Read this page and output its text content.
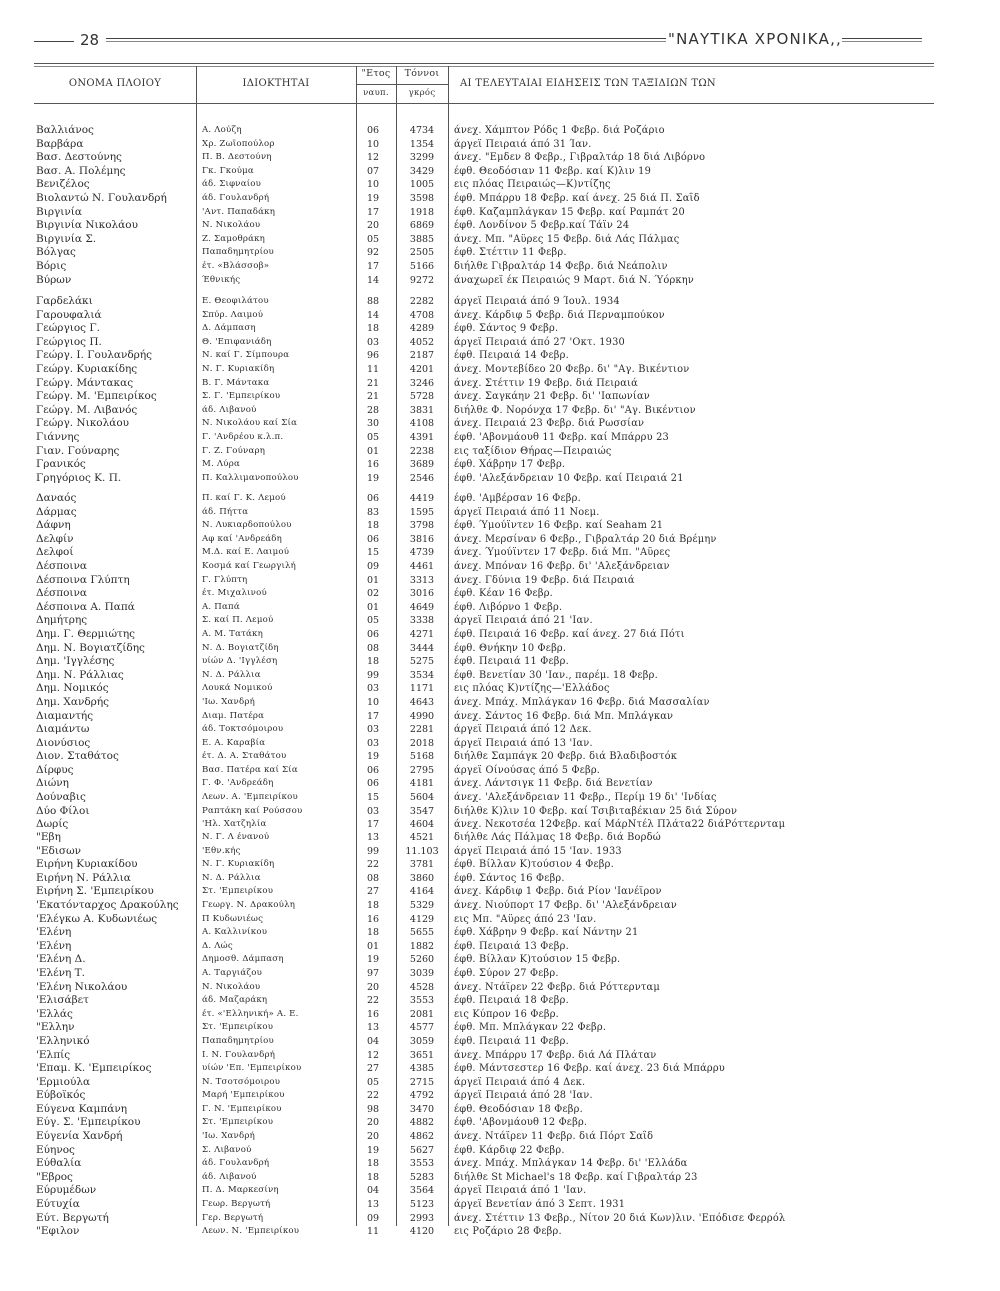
28	"ΝΑΥΤΙΚΑ ΧΡΟΝΙΚΑ,,
ΟΝΟΜΑ ΠΛΟΙΟΥ	ΙΔΙΟΚΤΗΤΑΙ
"Ετος
ναυπ.
Τόννοι
γκρός
ΑΙ ΤΕΛΕΥΤΑΙΑΙ ΕΙΔΗΣΕΙΣ ΤΩΝ ΤΑΞΙΔΙΩΝ ΤΩΝ
Βαλλιάνος	Α. Λούζη	06	4734	άνεχ. Χάμπτον Ρόδς 1 Φεβρ. διά Ροζάριο
Βαρβάρα	Χρ. Ζωϊοπούλορ	10	1354	άργεϊ Πειραιά άπό 31 Ίαν.
Βασ. Δεστούνης	Π. Β. Δεστούνη	12	3299	άνεχ. "Εμδεν 8 Φεβρ., Γιβραλτάρ 18 διά Λιβόρνο
Βασ. Α. Πολέμης	Γκ. Γκούμα	07	3429	έφθ. Θεοδόσιαν 11 Φεβρ. καί Κ)λιν 19
Βενιζέλος	άδ. Σιφναίου	10	1005	εις πλόας Πειραιώς—Κ)ντίζης
Βιολαντώ Ν. Γουλανδρή	άδ. Γουλανδρή	19	3598	έφθ. Μπάρρυ 18 Φεβρ. καί άνεχ. 25 διά Π. Σαΐδ
Βιργινία	'Αντ. Παπαδάκη	17	1918	έφθ. Καζαμπλάγκαν 15 Φεβρ. καί Ραμπάτ 20
Βιργινία Νικολάου	Ν. Νικολάου	20	6869	έφθ. Λονδίνον 5 Φεβρ.καί Τάϊν 24
Βιργινία Σ.	Ζ. Σαμοθράκη	05	3885	άνεχ. Μπ. "Αϋρες 15 Φεβρ. διά Λάς Πάλμας
Βόλγας	Παπαδημητρίου	92	2505	έφθ. Στέττιν 11 Φεβρ.
Βόρις	έτ. «Βλάσσοβ»	17	5166	διήλθε Γιβραλτάρ 14 Φεβρ. διά Νεάπολιν
Βύρων	Έθνικής	14	9272	άναχωρεϊ έκ Πειραιώς 9 Μαρτ. διά Ν. Ύόρκην
Γαρδελάκι	Ε. Θεοφιλάτου	88	2282	άργεϊ Πειραιά άπό 9 Ίουλ. 1934
Γαρουφαλιά	Σπύρ. Λαιμού	14	4708	άνεχ. Κάρδιφ 5 Φεβρ. διά Περναμπούκον
Γεώργιος Γ.	Δ. Δάμπαση	18	4289	έφθ. Σάντος 9 Φεβρ.
Γεώργιος Π.	Θ. 'Επιφανιάδη	03	4052	άργεϊ Πειραιά άπό 27 'Οκτ. 1930
Γεώργ. Ι. Γουλανδρής	Ν. καί Γ. Σίμπουρα	96	2187	έφθ. Πειραιά 14 Φεβρ.
Γεώργ. Κυριακίδης	Ν. Γ. Κυριακίδη	11	4201	άνεχ. Μοντεβίδεο 20 Φεβρ. δι' "Αγ. Βικέντιον
Γεώργ. Μάντακας	Β. Γ. Μάντακα	21	3246	άνεχ. Στέττιν 19 Φεβρ. διά Πειραιά
Γεώργ. Μ. 'Εμπειρίκος	Σ. Γ. 'Εμπειρίκου	21	5728	άνεχ. Σαγκάην 21 Φεβρ. δι' 'Ιαπωνίαν
Γεώργ. Μ. Λιβανός	άδ. Λιβανού	28	3831	διήλθε Φ. Νορόνχα 17 Φεβρ. δι' "Αγ. Βικέντιον
Γεώργ. Νικολάου	Ν. Νικολάου καί Σία	30	4108	άνεχ. Πειραιά 23 Φεβρ. διά Ρωσσίαν
Γιάννης	Γ. 'Ανδρέου κ.λ.π.	05	4391	έφθ. 'Αβονμάουθ 11 Φεβρ. καί Μπάρρυ 23
Γιαν. Γούναρης	Γ. Ζ. Γούναρη	01	2238	εις ταξίδιον Θήρας—Πειραιώς
Γρανικός	Μ. Λύρα	16	3689	έφθ. Χάβρην 17 Φεβρ.
Γρηγόριος Κ. Π.	Π. Καλλιμανοπούλου	19	2546	έφθ. 'Αλεξάνδρειαν 10 Φεβρ. καί Πειραιά 21
Δαναός	Π. καί Γ. Κ. Λεμού	06	4419	έφθ. 'Αμβέρσαν 16 Φεβρ.
Δάρμας	άδ. Πήττα	83	1595	άργεϊ Πειραιά άπό 11 Νοεμ.
Δάφνη	Ν. Λυκιαρδοπούλου	18	3798	έφθ. Ύμούϊντεν 16 Φεβρ. καί Seaham 21
Δελφίν	Αφ καί 'Ανδρεάδη	06	3816	άνεχ. Μερσίναν 6 Φεβρ., Γιβραλτάρ 20 διά Βρέμην
Δελφοί	Μ.Δ. καί Ε. Λαιμού	15	4739	άνεχ. Ύμούϊντεν 17 Φεβρ. διά Μπ. "Αϋρες
Δέσποινα	Κοσμά καί Γεωργιλή	09	4461	άνεχ. Μπόναν 16 Φεβρ. δι' 'Αλεξάνδρειαν
Δέσποινα Γλύπτη	Γ. Γλύπτη	01	3313	άνεχ. Γδύνια 19 Φεβρ. διά Πειραιά
Δέσποινα	έτ. Μιχαλινού	02	3016	έφθ. Κέαν 16 Φεβρ.
Δέσποινα Α. Παπά	Α. Παπά	01	4649	έφθ. Λιβόρνο 1 Φεβρ.
Δημήτρης	Σ. καί Π. Λεμού	05	3338	άργεϊ Πειραιά άπό 21 'Ιαν.
Δημ. Γ. Θερμιώτης	Α. Μ. Τατάκη	06	4271	έφθ. Πειραιά 16 Φεβρ. καί άνεχ. 27 διά Πότι
Δημ. Ν. Βογιατζίδης	Ν. Δ. Βογιατζίδη	08	3444	έφθ. Θνήκην 10 Φεβρ.
Δημ. 'Ιγγλέσης	υίών Δ. 'Ιγγλέση	18	5275	έφθ. Πειραιά 11 Φεβρ.
Δημ. Ν. Ράλλιας	Ν. Δ. Ράλλια	99	3534	έφθ. Βενετίαν 30 'Ιαν., παρέμ. 18 Φεβρ.
Δημ. Νομικός	Λουκά Νομικού	03	1171	εις πλόας Κ)ντίζης—'Ελλάδος
Δημ. Χανδρής	'Ιω. Χανδρή	10	4643	άνεχ. Μπάχ. Μπλάγκαν 16 Φεβρ. διά Μασσαλίαν
Διαμαντής	Διαμ. Πατέρα	17	4990	άνεχ. Σάντος 16 Φεβρ. διά Μπ. Μπλάγκαν
Διαμάντω	άδ. Τοκτσόμοιρου	03	2281	άργεϊ Πειραιά άπό 12 Δεκ.
Διονύσιος	Ε. Α. Καραβία	03	2018	άργεϊ Πειραιά άπό 13 'Ιαν.
Διον. Σταθάτος	έτ. Δ. Α. Σταθάτου	19	5168	διήλθε Σαμπάγκ 20 Φεβρ. διά Βλαδιβοστόκ
Δίρφυς	Βασ. Πατέρα καί Σία	06	2795	άργεϊ Οίνούσας άπό 5 Φεβρ.
Διώνη	Γ. Φ. 'Ανδρεάδη	06	4181	άνεχ. Λάντσιγκ 11 Φεβρ. διά Βενετίαν
Δούναβις	Λεων. Α. 'Εμπειρίκου	15	5604	άνεχ. 'Αλεξάνδρειαν 11 Φεβρ., Περίμ 19 δι' 'Ινδίας
Δύο Φίλοι	Ραπτάκη καί Ρούσσου	03	3547	διήλθε Κ)λιν 10 Φεβρ. καί Τσιβιταβέκιαν 25 διά Σύρον
Δωρίς	'Ηλ. Χατζηλία	17	4604	άνεχ. Νεκοτσέα 12Φεβρ. καί ΜάρΝτέλ Πλάτα22 διάΡόττερνταμ
"Εβη	Ν. Γ. Λ ένανού	13	4521	διήλθε Λάς Πάλμας 18 Φεβρ. διά Βορδώ
"Εδισων	'Εθν.κής	99	11.103	άργεϊ Πειραιά άπό 15 'Ιαν. 1933
Ειρήνη Κυριακίδου	Ν. Γ. Κυριακίδη	22	3781	έφθ. Βίλλαν Κ)τούσιον 4 Φεβρ.
Ειρήνη Ν. Ράλλια	Ν. Δ. Ράλλια	08	3860	έφθ. Σάντος 16 Φεβρ.
Ειρήνη Σ. 'Εμπειρίκου	Στ. 'Εμπειρίκου	27	4164	άνεχ. Κάρδιφ 1 Φεβρ. διά Ρίον 'Ιανέϊρον
'Εκατόνταρχος Δρακούλης	Γεωργ. Ν. Δρακούλη	18	5329	άνεχ. Νιούπορτ 17 Φεβρ. δι' 'Αλεξάνδρειαν
'Ελέγκω Α. Κυδωνιέως	Π Κυδωνιέως	16	4129	εις Μπ. "Αϋρες άπό 23 'Ιαν.
'Ελένη	Α. Καλλινίκου	18	5655	έφθ. Χάβρην 9 Φεβρ. καί Νάντην 21
'Ελένη	Δ. Λώς	01	1882	έφθ. Πειραιά 13 Φεβρ.
'Ελένη Δ.	Δημοσθ. Δάμπαση	19	5260	έφθ. Βίλλαν Κ)τούσιον 15 Φεβρ.
'Ελένη Τ.	Α. Ταργιάζου	97	3039	έφθ. Σύρον 27 Φεβρ.
'Ελένη Νικολάου	Ν. Νικολάου	20	4528	άνεχ. Ντάϊρεν 22 Φεβρ. διά Ρόττερνταμ
'Ελισάβετ	άδ. Μαζαράκη	22	3553	έφθ. Πειραιά 18 Φεβρ.
'Ελλάς	έτ. «'Ελληνική» Α. Ε.	16	2081	εις Κύπρον 16 Φεβρ.
"Ελλην	Στ. 'Εμπειρίκου	13	4577	έφθ. Μπ. Μπλάγκαν 22 Φεβρ.
'Ελληνικό	Παπαδημητρίου	04	3059	έφθ. Πειραιά 11 Φεβρ.
'Ελπίς	Ι. Ν. Γουλανδρή	12	3651	άνεχ. Μπάρρυ 17 Φεβρ. διά Λά Πλάταν
'Επαμ. Κ. 'Εμπειρίκος	υίών 'Επ. 'Εμπειρίκου	27	4385	έφθ. Μάντσεστερ 16 Φεβρ. καί άνεχ. 23 διά Μπάρρυ
'Ερμιούλα	Ν. Τσοτσόμοιρου	05	2715	άργεϊ Πειραιά άπό 4 Δεκ.
Εύβοϊκός	Μαρή 'Εμπειρίκου	22	4792	άργεϊ Πειραιά άπό 28 'Ιαν.
Εύγενα Καμπάνη	Γ. Ν. 'Εμπειρίκου	98	3470	έφθ. Θεοδόσιαν 18 Φεβρ.
Εύγ. Σ. 'Εμπειρίκου	Στ. 'Εμπειρίκου	20	4882	έφθ. 'Αβονμάουθ 12 Φεβρ.
Εύγενία Χανδρή	'Ιω. Χανδρή	20	4862	άνεχ. Ντάϊρεν 11 Φεβρ. διά Πόρτ Σαΐδ
Εύηνος	Σ. Λιβανού	19	5627	έφθ. Κάρδιφ 22 Φεβρ.
Εύθαλία	άδ. Γουλανδρή	18	3553	άνεχ. Μπάχ. Μπλάγκαν 14 Φεβρ. δι' 'Ελλάδα
"Εβρος	άδ. Λιβανού	18	5283	διήλθε St Michael's 18 Φεβρ. καί Γιβραλτάρ 23
Εύρυμέδων	Π. Δ. Μαρκεσίνη	04	3564	άργεϊ Πειραιά άπό 1 'Ιαν.
Εύτυχία	Γεωρ. Βεργωτή	13	5123	άργεϊ Βενετίαν άπό 3 Σεπτ. 1931
Εύτ. Βεργωτή	Γερ. Βεργωτή	09	2993	άνεχ. Στέττιν 13 Φεβρ., Νίτον 20 διά Κων)λιν. 'Επόδισε Φερρόλ
"Εφιλον	Λεων. Ν. 'Εμπειρίκου	11	4120	εις Ροζάριο 28 Φεβρ.
